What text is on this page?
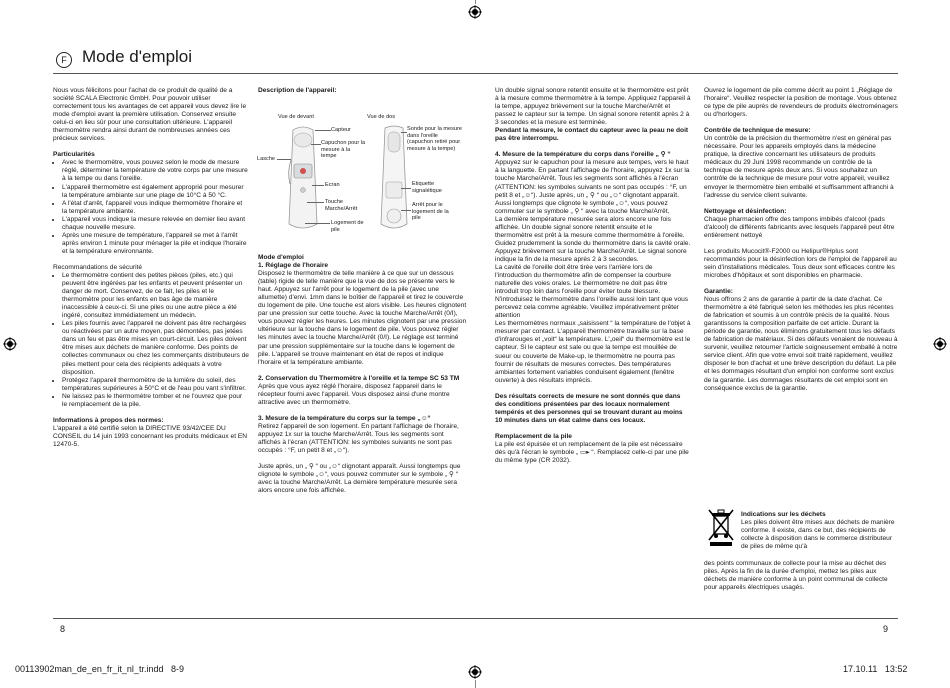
F Mode d'emploi

Nous vous félicitons pour l'achat de ce produit de qualité de a société SCALA Electronic GmbH. Pour pouvoir utiliser correctement tous les avantages de cet appareil vous devez lire le mode d'emploi avant la première utilisation. Conservez ensuite celui-ci en lieu sûr pour une consultation ultérieure. L'appareil thermomètre rendra ainsi durant de nombreuses années ces précieux services.

Particularités
• Avec le thermomètre, vous pouvez selon le mode de mesure réglé, déterminer la température de votre corps par une mesure à la tempe ou dans l'oreille.
• L'appareil thermomètre est également approprié pour mesurer la température ambiante sur une plage de 10°C à 50 °C.
• A l'état d'arrêt, l'appareil vous indique thermomètre l'horaire et la température ambiante.
• L'appareil vous indique la mesure relevée en dernier lieu avant chaque nouvelle mesure.
• Après une mesure de température, l'appareil se met à l'arrêt après environ 1 minute pour ménager la pile et indique l'horaire et la température environnante.
Recommandations de sécurité
• Le thermomètre contient des petites pièces (piles, etc.) qui peuvent être ingérées par les enfants et peuvent présenter un danger de mort. Conservez, de ce fait, les piles et le thermomètre pour les enfants en bas âge de manière inaccessible à ceux-ci. Si une piles ou une autre pièce a été ingéré, consultez immédiatement un médecin.
• Les piles fournis avec l'appareil ne doivent pas être rechargées ou réactivées par un autre moyen, pas démontées, pas jetées dans un feu et pas être mises en court-circuit. Les piles doivent être mises aux déchets de manière conforme. Des points de collectes communaux ou chez les commerçants distributeurs de piles mettent pour cela des récipients adéquats à votre disposition.
• Protégez l'appareil thermomètre de la lumière du soleil, des températures supérieures à 50°C et de l'eau pou vant s'infiltrer.
• Ne laissez pas le thermomètre tomber et ne l'ouvrez que pour le remplacement de la pile.
Informations à propos des normes:

L'appareil a été certifié selon la DIRECTIVE 93/42/CEE DU CONSEIL du 14 juin 1993 concernant les produits médicaux et EN 12470-5.

Description de l'appareil:
Vue de devant	Vue de dos
Capteur
Capuchon pour la mesure à la tempe
Lasche
Ecran
Touche Marche/Arrêt
Logement de pile
Sonde pour la mesure dans l'oreille (capuchon retiré pour mesure à la tempe)
Etiquette signalétique
Arrêt pour le logement de la pile
Mode d'emploi
1. Réglage de l'horaire

Disposez le thermomètre de telle manière à ce que sur un dessous (table) rigide de telle manière que la vue de dos se présente vers le haut. Appuyez sur l'arrêt pour le logement de la pile (avec une allumette) d'envi. 1mm dans le boîtier de l'appareil et tirez le couvercle du logement de pile. Une touche est alors visible. Les heures clignotent par une pression sur cette touche. Avec la touche Marche/Arrêt (0/I), vous pouvez régler les heures. Les minutes clignotent par une pression ultérieure sur la touche dans le logement de pile. Vous pouvez régler les minutes avec la touche Marche/Arrêt (0/I). Le réglage est terminé par une pression supplémentaire sur la touche dans le logement de pile. L'appareil se trouve maintenant en état de repos et indique l'horaire et la température ambiante.

2. Conservation du Thermomètre à l'oreille et la tempe SC 53 TM

Après que vous ayez réglé l'horaire, disposez l'appareil dans le récepteur fourni avec l'appareil. Vous disposez ainsi d'une montre attractive avec un thermomètre.

3. Mesure de la température du corps sur la tempe „☺“

Retirez l'appareil de son logement. En partant l'affichage de l'horaire, appuyez 1x sur la touche Marche/Arrêt. Tous les segments sont affichés à l'écran (ATTENTION: les symboles suivants ne sont pas occupés : °F, un petit 8 et „☺“).

Juste après, un „ ⚲ “ ou „☺“ clignotant apparaît. Aussi longtemps que clignote le symbole „☺“, vous pouvez commuter sur le symbole „ ⚲ “ avec la touche Marche/Arrêt. La dernière température mesurée sera alors encore une fois affichée.

Un double signal sonore retentit ensuite et le thermomètre est prêt à la mesure comme thermomètre à la tempe. Appliquez l'appareil à la tempe, appuyez brièvement sur la touche Marche/Arrêt et passez le capteur sur la tempe. Un signal sonore retentit après 2 à 3 secondes et la mesure est terminée.

Pendant la mesure, le contact du capteur avec la peau ne doit pas être interrompu.

4. Mesure de la température du corps dans l'oreille „ ⚲ “

Appuyez sur le capuchon pour la mesure aux tempes, vers le haut à la languette. En partant l'affichage de l'horaire, appuyez 1x sur la touche Marche/Arrêt. Tous les segments sont affichés à l'écran (ATTENTION: les symboles suivants ne sont pas occupés : °F, un petit 8 et „☺“). Juste après, un „ ⚲ “ ou „☺“ clignotant apparaît. Aussi longtemps que clignote le symbole „☺“, vous pouvez commuter sur le symbole „ ⚲ “ avec la touche Marche/Arrêt.

La dernière température mesurée sera alors encore une fois affichée. Un double signal sonore retentit ensuite et le thermomètre est prêt à la mesure comme thermomètre à l'oreille.

Guidez prudemment la sonde du thermomètre dans la cavité orale. Appuyez brièvement sur la touche Marche/Arrêt. Le signal sonore indique la fin de la mesure après 2 à 3 secondes.

La cavité de l'oreille doit être tirée vers l'arrière lors de l'introduction du thermomètre afin de compenser la courbure naturelle des voies orales. Le thermomètre ne doit pas être introduit trop loin dans l'oreille pour éviter toute blessure. N'introduisez le thermomètre dans l'oreille aussi loin tant que vous percevez cela comme agréable. Veuillez impérativement prêter attention

Les thermomètres normaux „saisissent “ la température de l'objet à mesurer par contact. L'appareil thermomètre travaille sur la base d'infrarouges et „voit“ la température. L'„oeil“ du thermomètre est le capteur. Si le capteur est sale ou que la tempe est mouillée de sueur ou couverte de Make-up, le thermomètre ne pourra pas fournir de résultats de mesures correctes. Des températures ambiantes fortement variables conduisent également (fenêtre ouverte) à des résultats imprécis.

Des résultats corrects de mesure ne sont donnés que dans des conditions présentées par des locaux normalement tempérés et des personnes qui se trouvant durant au moins 10 minutes dans un état calme dans ces locaux.

Remplacement de la pile

La pile est épuisée et un remplacement de la pile est nécessaire dès qu'à l'écran le symbole „ ▭▸ “. Remplacez celle-ci par une pile du même type (CR 2032).

Ouvrez le logement de pile comme décrit au point 1 „Réglage de l'horaire“. Veuillez respecter la position de montage. Vous obtenez ce type de pile auprès de revendeurs de produits électroménagers ou d'horlogers.

Contrôle de technique de mesure:

Un contrôle de la précision du thermomètre n'est en général pas nécessaire. Pour les appareils employés dans la médecine pratique, la directive concernant les utilisateurs de produits médicaux du 29 Juni 1998 recommande un contrôle de la technique de mesure après deux ans. Si vous souhaitez un contrôle de la technique de mesure pour votre appareil, veuillez envoyer le thermomètre bien emballé et suffisamment affranchi à l'adresse du service client suivante.

Nettoyage et désinfection:

Chaque pharmacien offre des tampons imbibés d'alcool (pads d'alcool) de différents fabricants avec lesquels l'appareil peut être entièrement nettoyé

Les produits Mucocit®-F2000 ou Helipur®Hplus sont recommandés pour la désinfection lors de l'emploi de l'appareil au sein d'installations médicales. Tous deux sont efficaces contre les microbes d'hôpitaux et sont disponibles en pharmacie.

Garantie:

Nous offrons 2 ans de garantie à partir de la date d'achat. Ce thermomètre a été fabriqué selon les méthodes les plus récentes de fabrication et soumis à un contrôle précis de la qualité. Nous garantissons la composition parfaite de cet article. Durant la période de garantie, nous éliminons gratuitement tous les défauts de fabrication de matériaux. Si des défauts venaient de nouveau à survenir, veuillez retourner l'article soigneusement emballé à notre service client. Afin que votre envoi soit traité rapidement, veuillez disposer le bon d'achat et une brève description du défaut. La pile et les dommages résultant d'un emploi non conforme sont exclus de la garantie. Les dommages résultants de cet emploi sont en conséquence exclus de la garantie.

Indications sur les déchets

Les piles doivent être mises aux déchets de manière conforme. Il existe, dans ce but, des récipients de collecte à disposition dans le commerce distributeur de piles de même qu'à

des points communaux de collecte pour la mise au déchet des piles. Après la fin de la durée d'emploi, mettez les piles aux déchets de manière conforme à un point communal de collecte pour appareils électriques usagés.

8	9
00113902man_de_en_fr_it_nl_tr.indd   8-9	17.10.11   13:52
